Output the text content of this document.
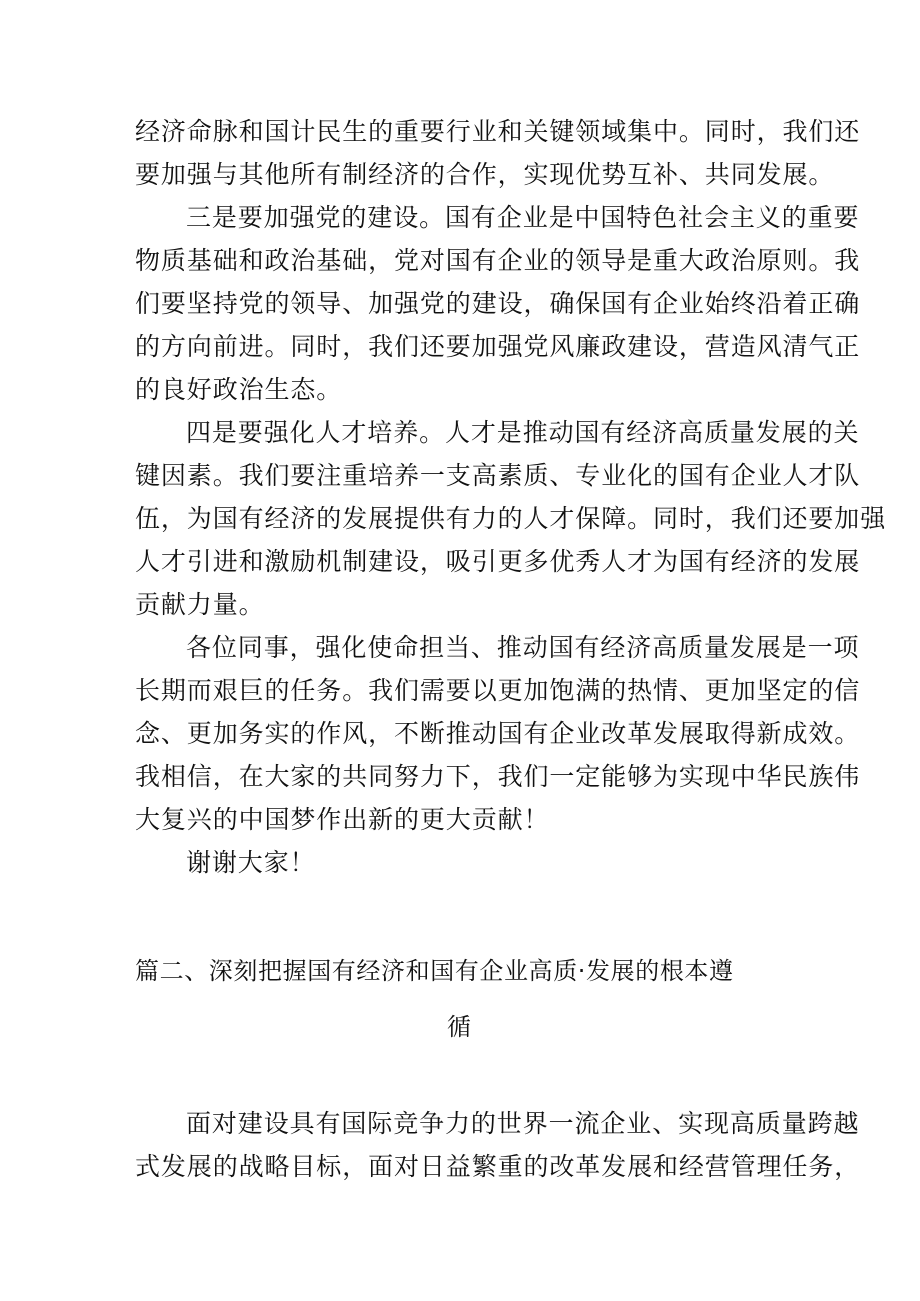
经济命脉和国计民生的重要行业和关键领域集中。同时，我们还
要加强与其他所有制经济的合作，实现优势互补、共同发展。
三是要加强党的建设。国有企业是中国特色社会主义的重要
物质基础和政治基础，党对国有企业的领导是重大政治原则。我
们要坚持党的领导、加强党的建设，确保国有企业始终沿着正确
的方向前进。同时，我们还要加强党风廉政建设，营造风清气正
的良好政治生态。
四是要强化人才培养。人才是推动国有经济高质量发展的关
键因素。我们要注重培养一支高素质、专业化的国有企业人才队
伍，为国有经济的发展提供有力的人才保障。同时，我们还要加强
人才引进和激励机制建设，吸引更多优秀人才为国有经济的发展
贡献力量。
各位同事，强化使命担当、推动国有经济高质量发展是一项
长期而艰巨的任务。我们需要以更加饱满的热情、更加坚定的信
念、更加务实的作风，不断推动国有企业改革发展取得新成效。
我相信，在大家的共同努力下，我们一定能够为实现中华民族伟
大复兴的中国梦作出新的更大贡献！
谢谢大家！
篇二、深刻把握国有经济和国有企业高质·发展的根本遵
循
面对建设具有国际竞争力的世界一流企业、实现高质量跨越
式发展的战略目标，面对日益繁重的改革发展和经营管理任务，
